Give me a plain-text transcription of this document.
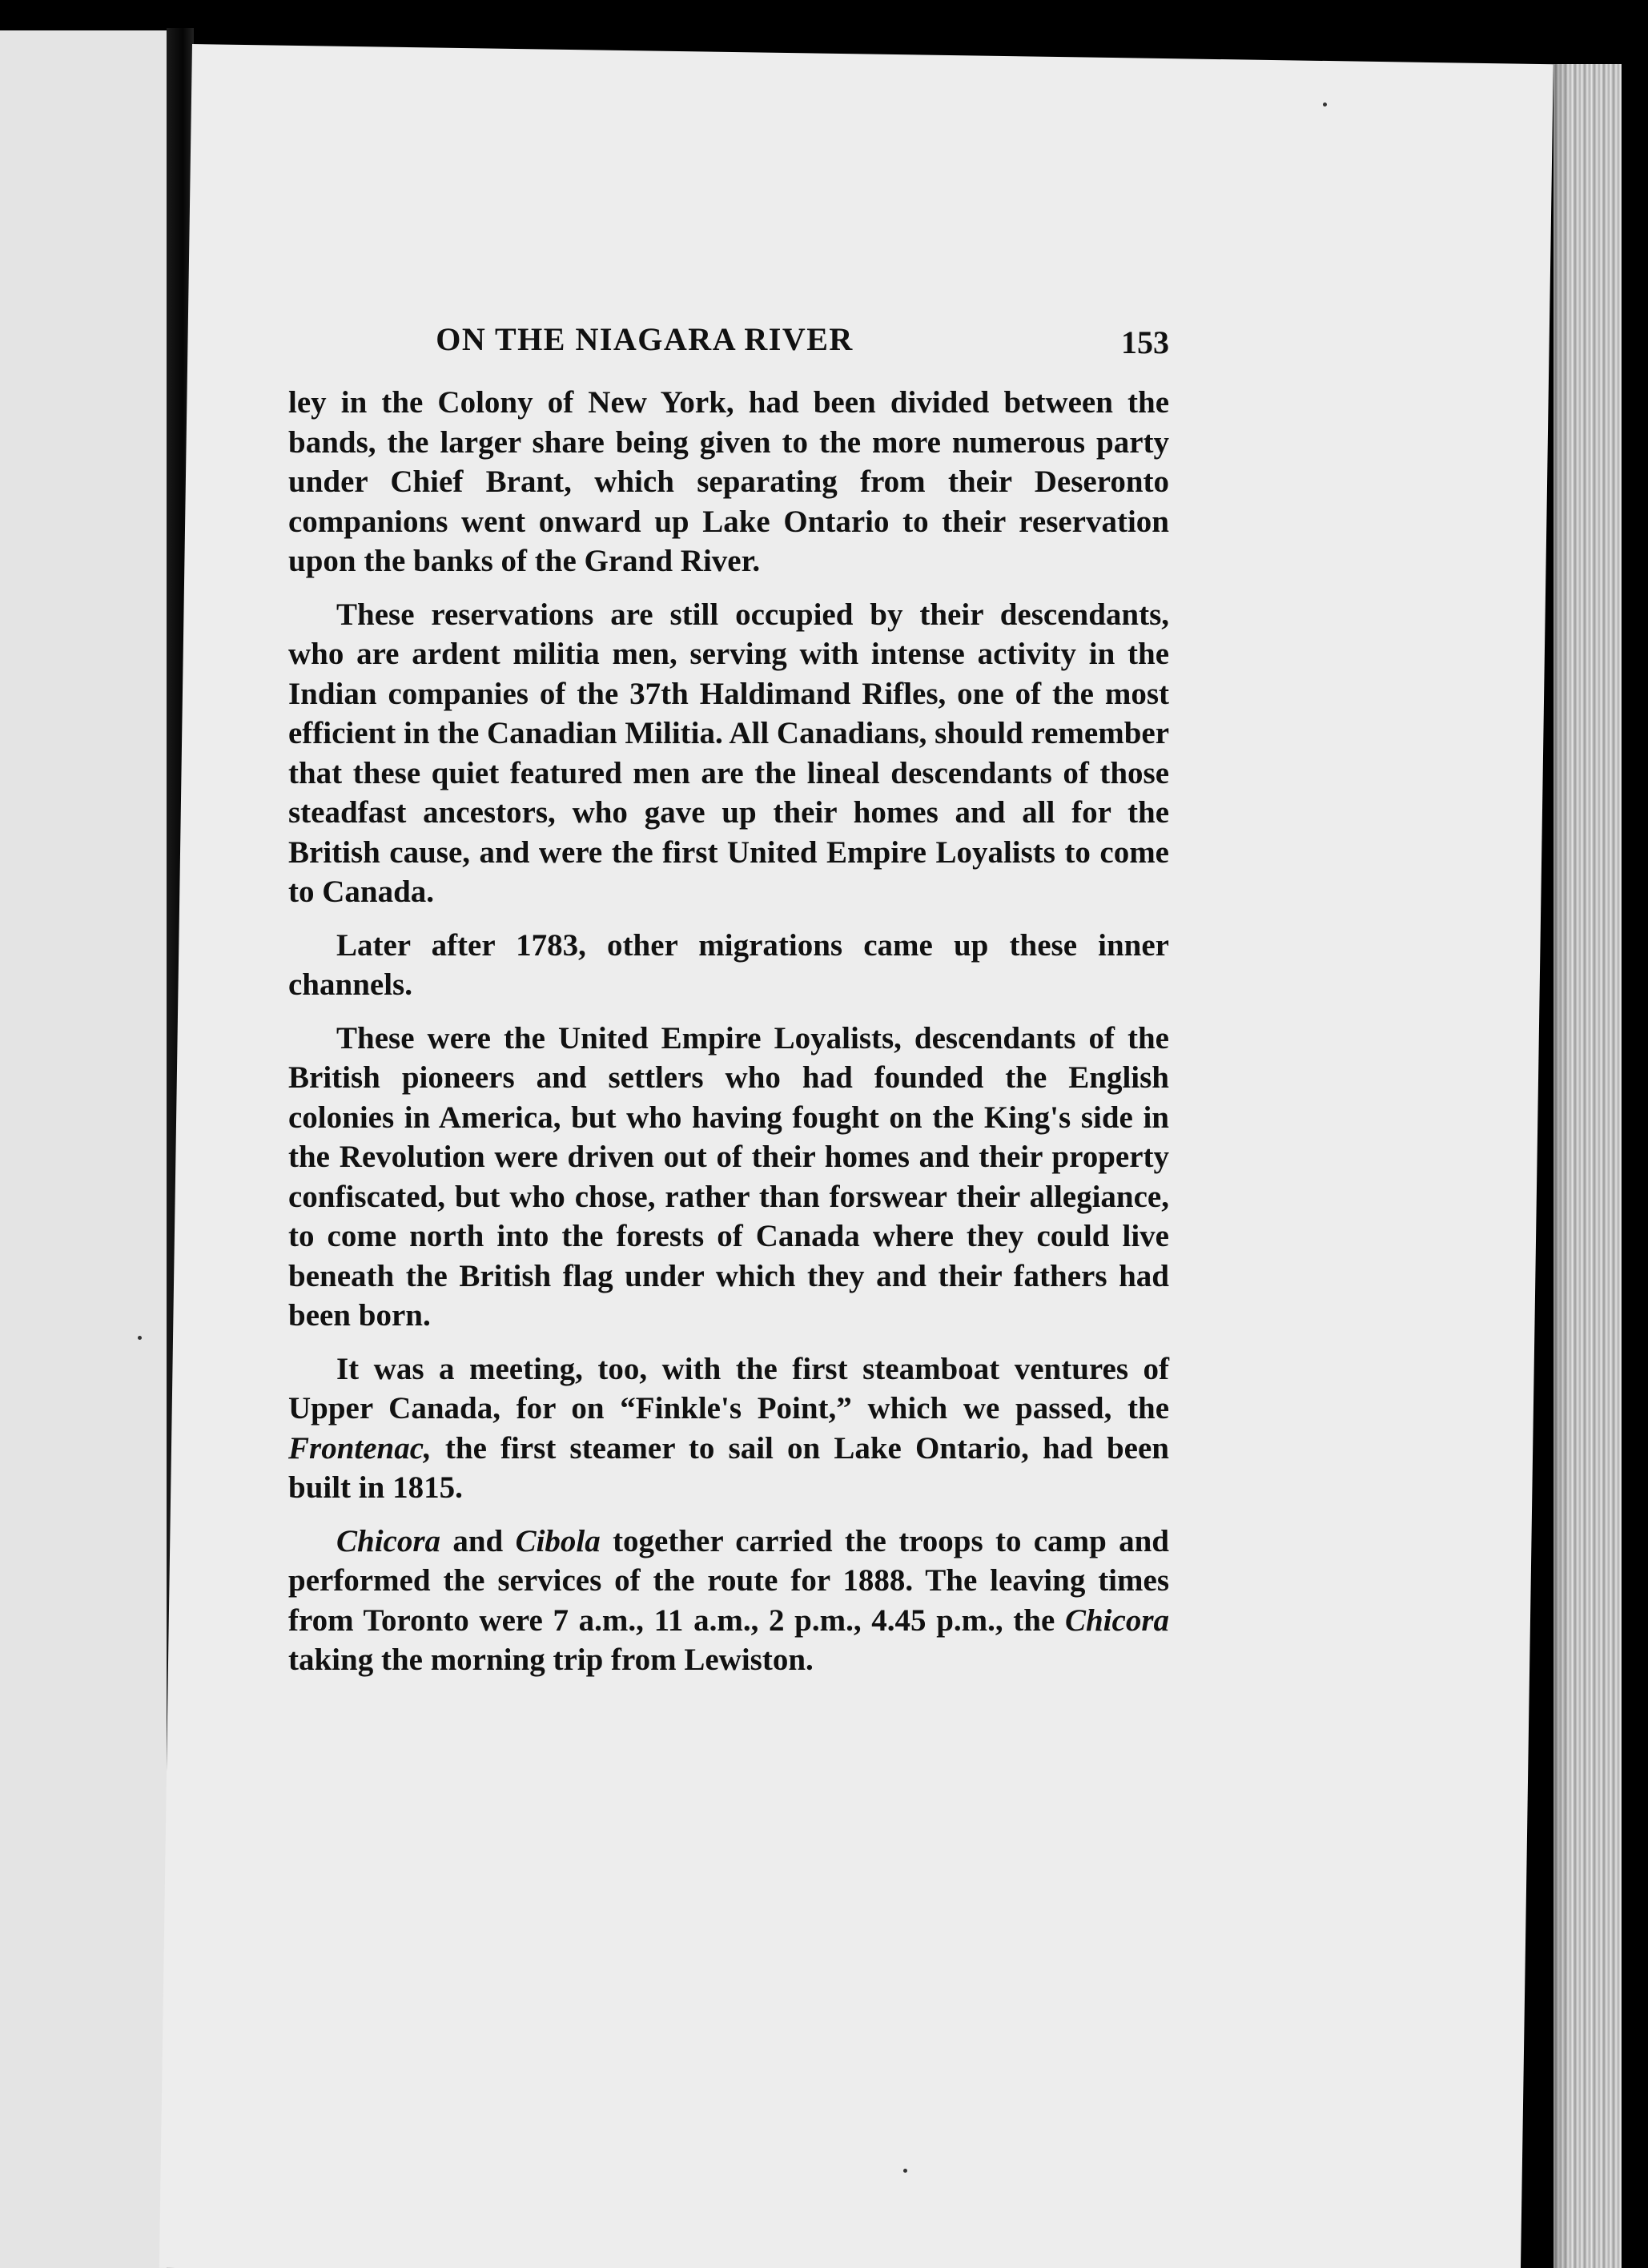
ON THE NIAGARA RIVER	153

ley in the Colony of New York, had been divided between the bands, the larger share being given to the more numerous party under Chief Brant, which separating from their Deseronto companions went onward up Lake Ontario to their reservation upon the banks of the Grand River.

These reservations are still occupied by their descendants, who are ardent militia men, serving with intense activity in the Indian companies of the 37th Haldimand Rifles, one of the most efficient in the Canadian Militia. All Canadians, should remember that these quiet featured men are the lineal descendants of those steadfast ancestors, who gave up their homes and all for the British cause, and were the first United Empire Loyalists to come to Canada.

Later after 1783, other migrations came up these inner channels.

These were the United Empire Loyalists, descendants of the British pioneers and settlers who had founded the English colonies in America, but who having fought on the King's side in the Revolution were driven out of their homes and their property confiscated, but who chose, rather than forswear their allegiance, to come north into the forests of Canada where they could live beneath the British flag under which they and their fathers had been born.

It was a meeting, too, with the first steamboat ventures of Upper Canada, for on “Finkle's Point,” which we passed, the Frontenac, the first steamer to sail on Lake Ontario, had been built in 1815.

Chicora and Cibola together carried the troops to camp and performed the services of the route for 1888. The leaving times from Toronto were 7 a.m., 11 a.m., 2 p.m., 4.45 p.m., the Chicora taking the morning trip from Lewiston.
